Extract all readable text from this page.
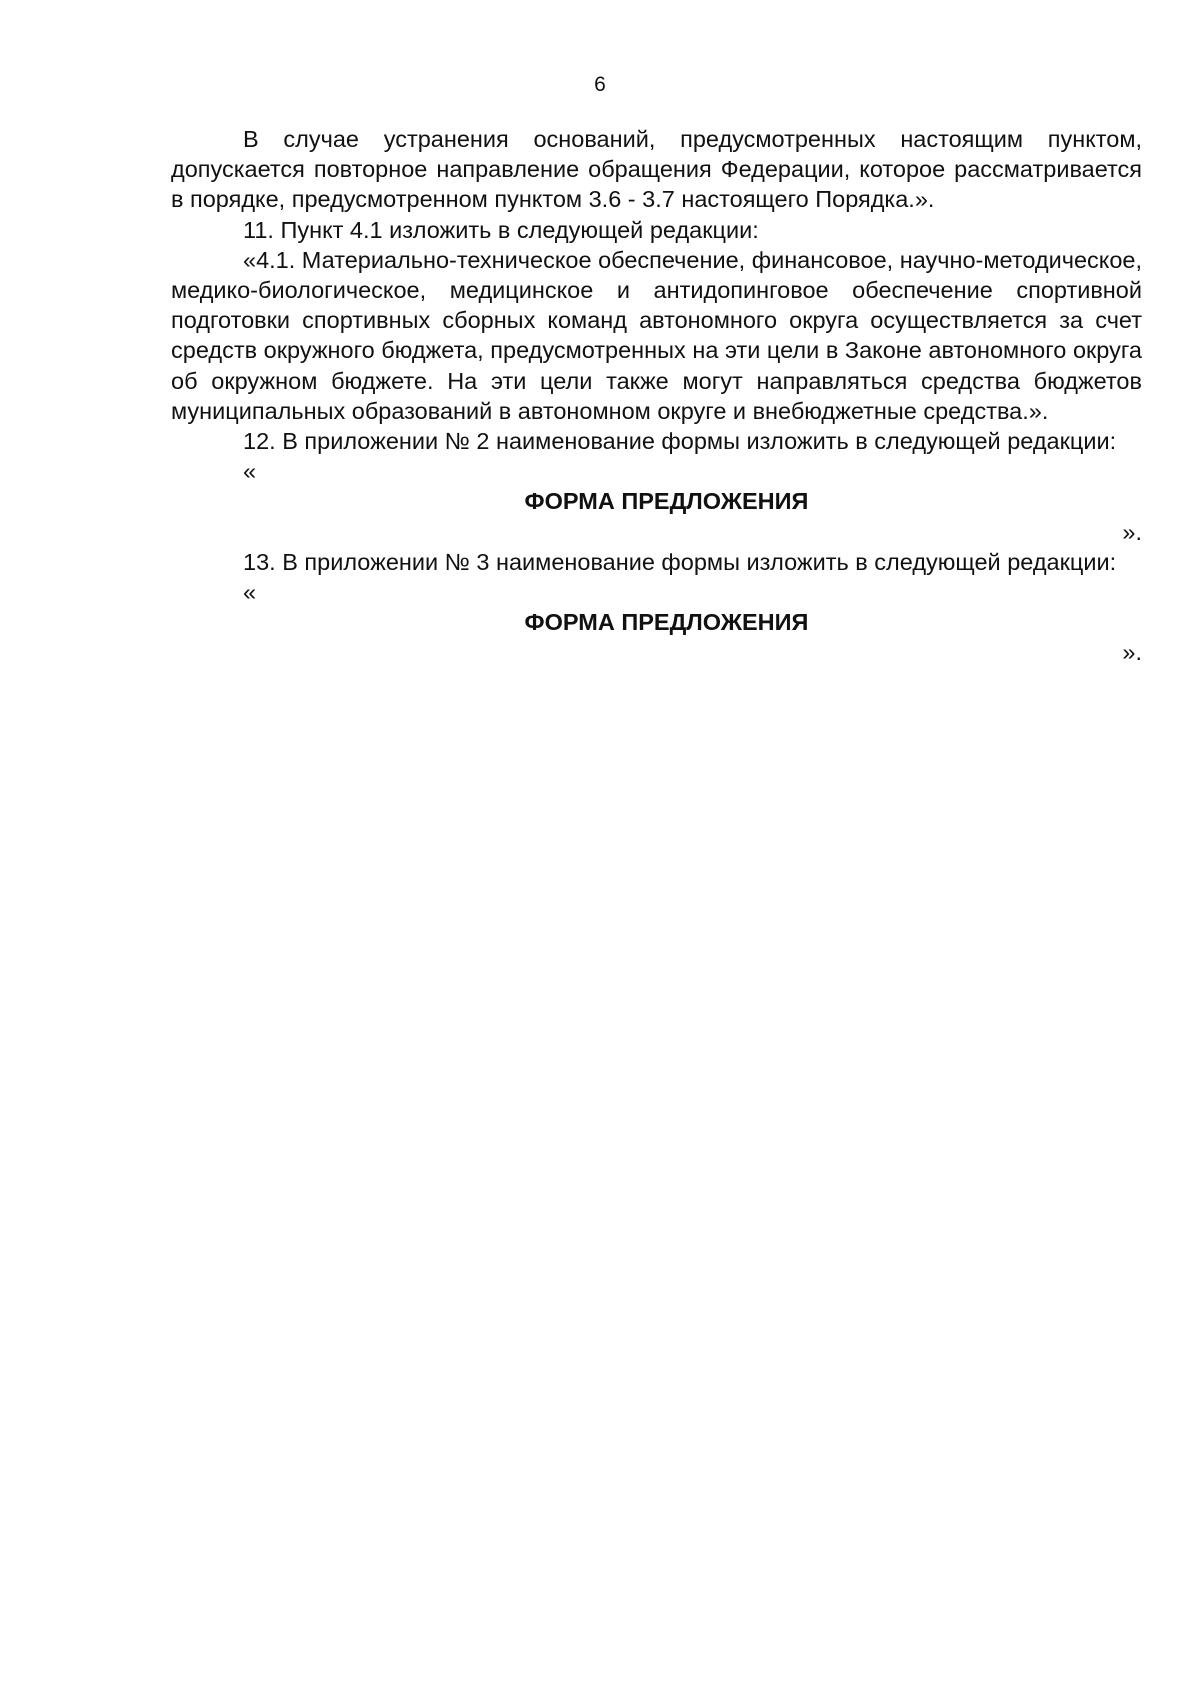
6

В случае устранения оснований, предусмотренных настоящим пунктом, допускается повторное направление обращения Федерации, которое рассматривается в порядке, предусмотренном пунктом 3.6 - 3.7 настоящего Порядка.».

11. Пункт 4.1 изложить в следующей редакции:

«4.1. Материально-техническое обеспечение, финансовое, научно-методическое, медико-биологическое, медицинское и антидопинговое обеспечение спортивной подготовки спортивных сборных команд автономного округа осуществляется за счет средств окружного бюджета, предусмотренных на эти цели в Законе автономного округа об окружном бюджете. На эти цели также могут направляться средства бюджетов муниципальных образований в автономном округе и внебюджетные средства.».

12. В приложении № 2 наименование формы изложить в следующей редакции:

«

ФОРМА ПРЕДЛОЖЕНИЯ

».

13. В приложении № 3 наименование формы изложить в следующей редакции:

«

ФОРМА ПРЕДЛОЖЕНИЯ

».
